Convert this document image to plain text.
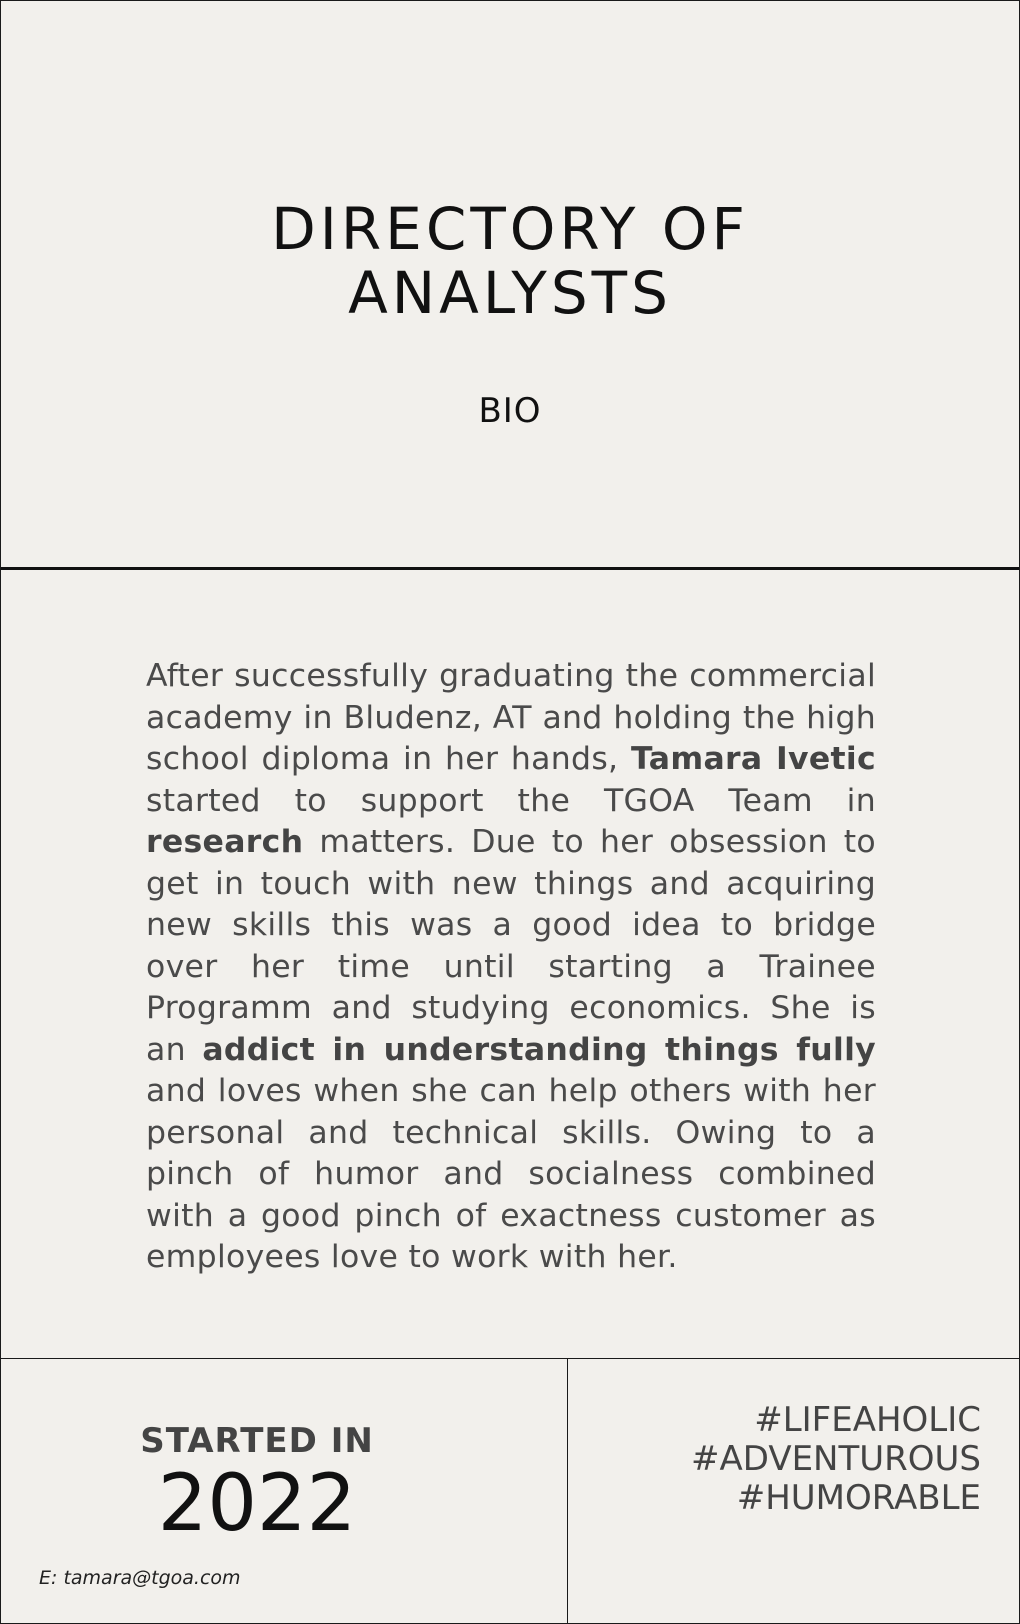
DIRECTORY OF
ANALYSTS
BIO
After successfully graduating the commercial academy in Bludenz, AT and holding the high school diploma in her hands, Tamara Ivetic started to support the TGOA Team in research matters. Due to her obsession to get in touch with new things and acquiring new skills this was a good idea to bridge over her time until starting a Trainee Programm and studying economics. She is an addict in understanding things fully and loves when she can help others with her personal and technical skills. Owing to a pinch of humor and socialness combined with a good pinch of exactness customer as employees love to work with her.
STARTED IN
2022
E: tamara@tgoa.com
#LIFEAHOLIC
#ADVENTUROUS
#HUMORABLE
